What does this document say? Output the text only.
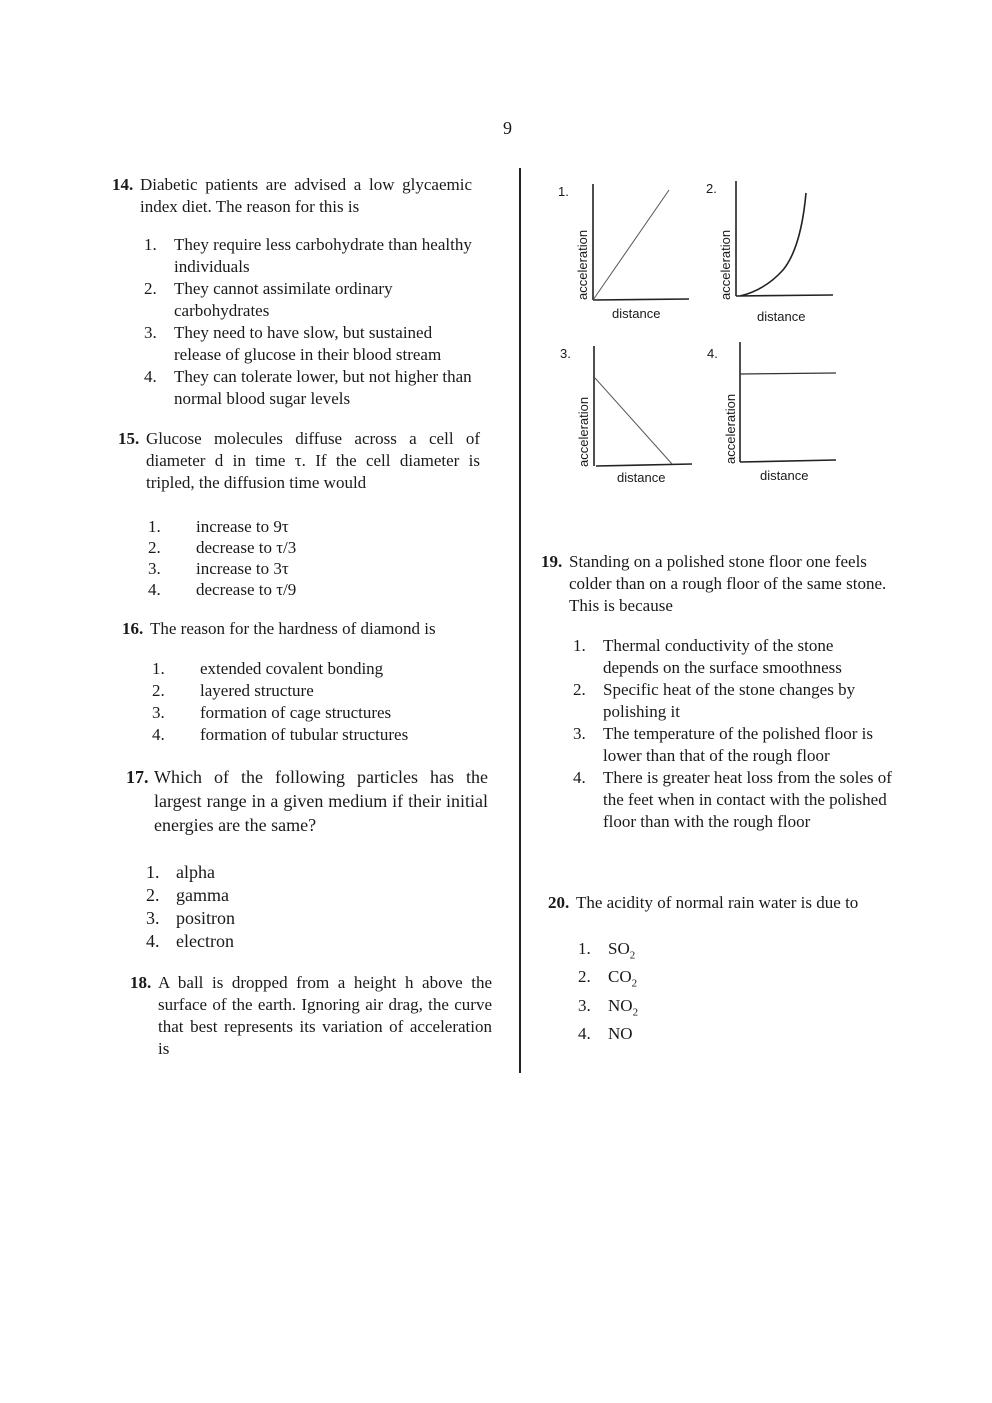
9
14. Diabetic patients are advised a low glycaemic index diet. The reason for this is
1.	They require less carbohydrate than healthy individuals
2.	They cannot assimilate ordinary carbohydrates
3.	They need to have slow, but sustained release of glucose in their blood stream
4.	They can tolerate lower, but not higher than normal blood sugar levels
15. Glucose molecules diffuse across a cell of diameter d in time τ. If the cell diameter is tripled, the diffusion time would
1.	increase to 9τ
2.	decrease to τ/3
3.	increase to 3τ
4.	decrease to τ/9
16. The reason for the hardness of diamond is
1.	extended covalent bonding
2.	layered structure
3.	formation of cage structures
4.	formation of tubular structures
17. Which of the following particles has the largest range in a given medium if their initial energies are the same?
1. alpha
2. gamma
3. positron
4. electron
18. A ball is dropped from a height h above the surface of the earth. Ignoring air drag, the curve that best represents its variation of acceleration is
1.
acceleration
distance
2.
acceleration
distance
3.
acceleration
distance
4.
acceleration
distance
19. Standing on a polished stone floor one feels colder than on a rough floor of the same stone. This is because
1.	Thermal conductivity of the stone depends on the surface smoothness
2.	Specific heat of the stone changes by polishing it
3.	The temperature of the polished floor is lower than that of the rough floor
4.	There is greater heat loss from the soles of the feet when in contact with the polished floor than with the rough floor
20. The acidity of normal rain water is due to
1.	$SO_2$
2.	$CO_2$
3.	$NO_2$
4.	NO
